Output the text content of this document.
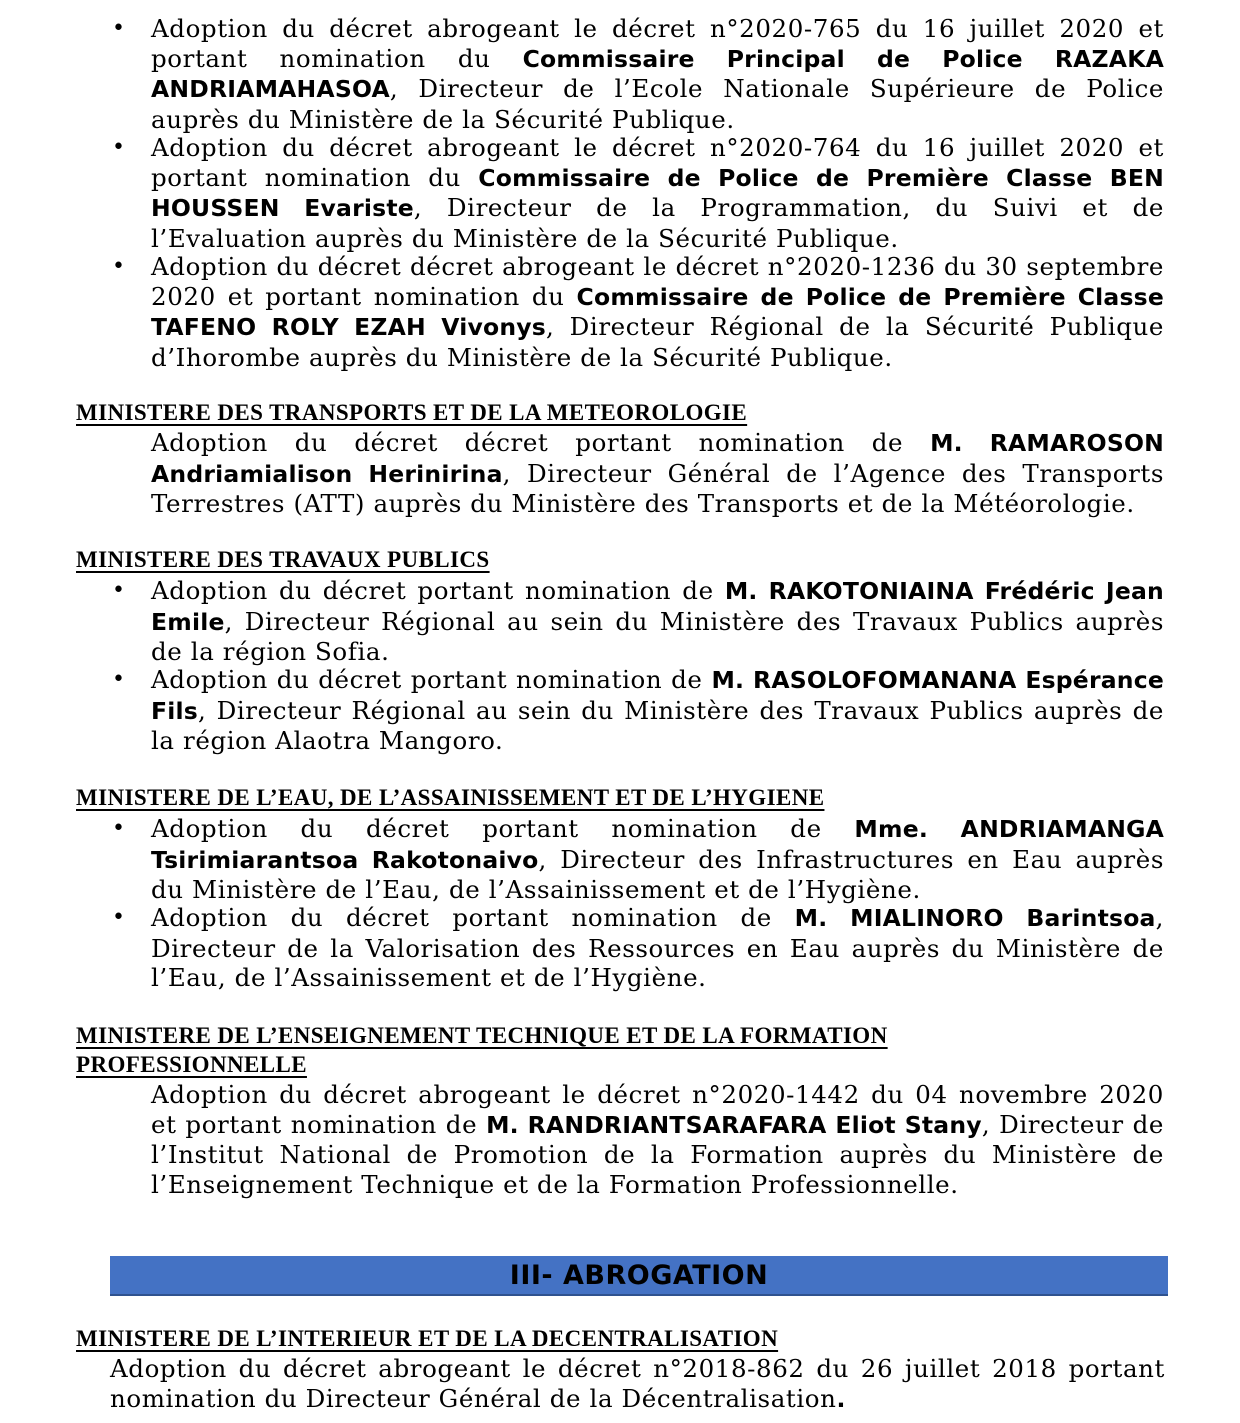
• Adoption du décret abrogeant le décret n°2020-765 du 16 juillet 2020 et portant nomination du Commissaire Principal de Police RAZAKA ANDRIAMAHASOA, Directeur de l’Ecole Nationale Supérieure de Police auprès du Ministère de la Sécurité Publique.

• Adoption du décret abrogeant le décret n°2020-764 du 16 juillet 2020 et portant nomination du Commissaire de Police de Première Classe BEN HOUSSEN Evariste, Directeur de la Programmation, du Suivi et de l’Evaluation auprès du Ministère de la Sécurité Publique.

• Adoption du décret décret abrogeant le décret n°2020-1236 du 30 septembre 2020 et portant nomination du Commissaire de Police de Première Classe TAFENO ROLY EZAH Vivonys, Directeur Régional de la Sécurité Publique d’Ihorombe auprès du Ministère de la Sécurité Publique.

MINISTERE DES TRANSPORTS ET DE LA METEOROLOGIE

Adoption du décret décret portant nomination de M. RAMAROSON Andriamialison Herinirina, Directeur Général de l’Agence des Transports Terrestres (ATT) auprès du Ministère des Transports et de la Météorologie.

MINISTERE DES TRAVAUX PUBLICS
• Adoption du décret portant nomination de M. RAKOTONIAINA Frédéric Jean Emile, Directeur Régional au sein du Ministère des Travaux Publics auprès de la région Sofia.

• Adoption du décret portant nomination de M. RASOLOFOMANANA Espérance Fils, Directeur Régional au sein du Ministère des Travaux Publics auprès de la région Alaotra Mangoro.

MINISTERE DE L’EAU, DE L’ASSAINISSEMENT ET DE L’HYGIENE
• Adoption du décret portant nomination de Mme. ANDRIAMANGA Tsirimiarantsoa Rakotonaivo, Directeur des Infrastructures en Eau auprès du Ministère de l’Eau, de l’Assainissement et de l’Hygiène.

• Adoption du décret portant nomination de M. MIALINORO Barintsoa, Directeur de la Valorisation des Ressources en Eau auprès du Ministère de l’Eau, de l’Assainissement et de l’Hygiène.

MINISTERE DE L’ENSEIGNEMENT TECHNIQUE ET DE LA FORMATION
PROFESSIONNELLE

Adoption du décret abrogeant le décret n°2020-1442 du 04 novembre 2020 et portant nomination de M. RANDRIANTSARAFARA Eliot Stany, Directeur de l’Institut National de Promotion de la Formation auprès du Ministère de l’Enseignement Technique et de la Formation Professionnelle.

III- ABROGATION
MINISTERE DE L’INTERIEUR ET DE LA DECENTRALISATION

Adoption du décret abrogeant le décret n°2018-862 du 26 juillet 2018 portant nomination du Directeur Général de la Décentralisation.
